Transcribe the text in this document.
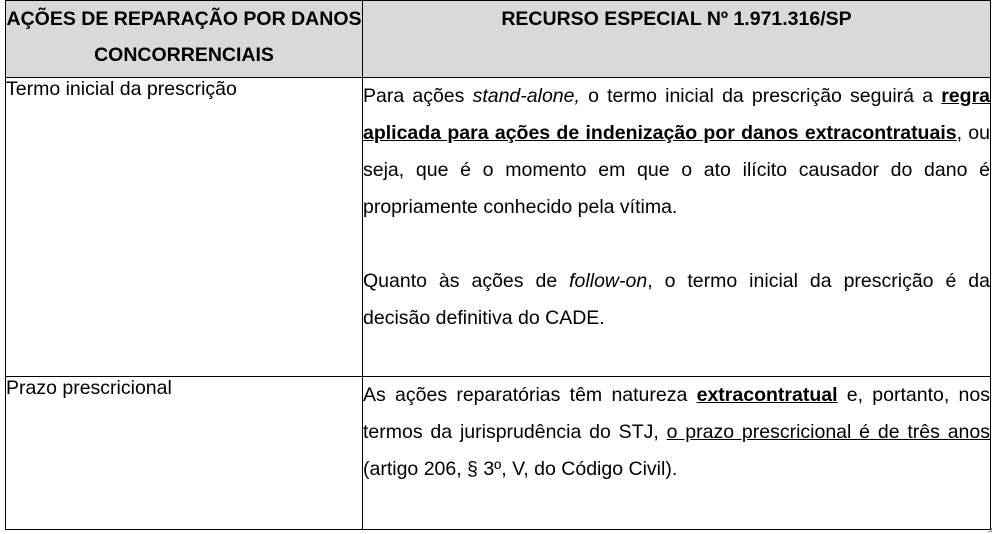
AÇÕES DE REPARAÇÃO POR DANOS CONCORRENCIAIS	RECURSO ESPECIAL Nº 1.971.316/SP

Termo inicial da prescrição	Para ações stand-alone, o termo inicial da prescrição seguirá a regra aplicada para ações de indenização por danos extracontratuais, ou seja, que é o momento em que o ato ilícito causador do dano é propriamente conhecido pela vítima.

Quanto às ações de follow-on, o termo inicial da prescrição é da decisão definitiva do CADE.

Prazo prescricional	As ações reparatórias têm natureza extracontratual e, portanto, nos termos da jurisprudência do STJ, o prazo prescricional é de três anos (artigo 206, § 3º, V, do Código Civil).
